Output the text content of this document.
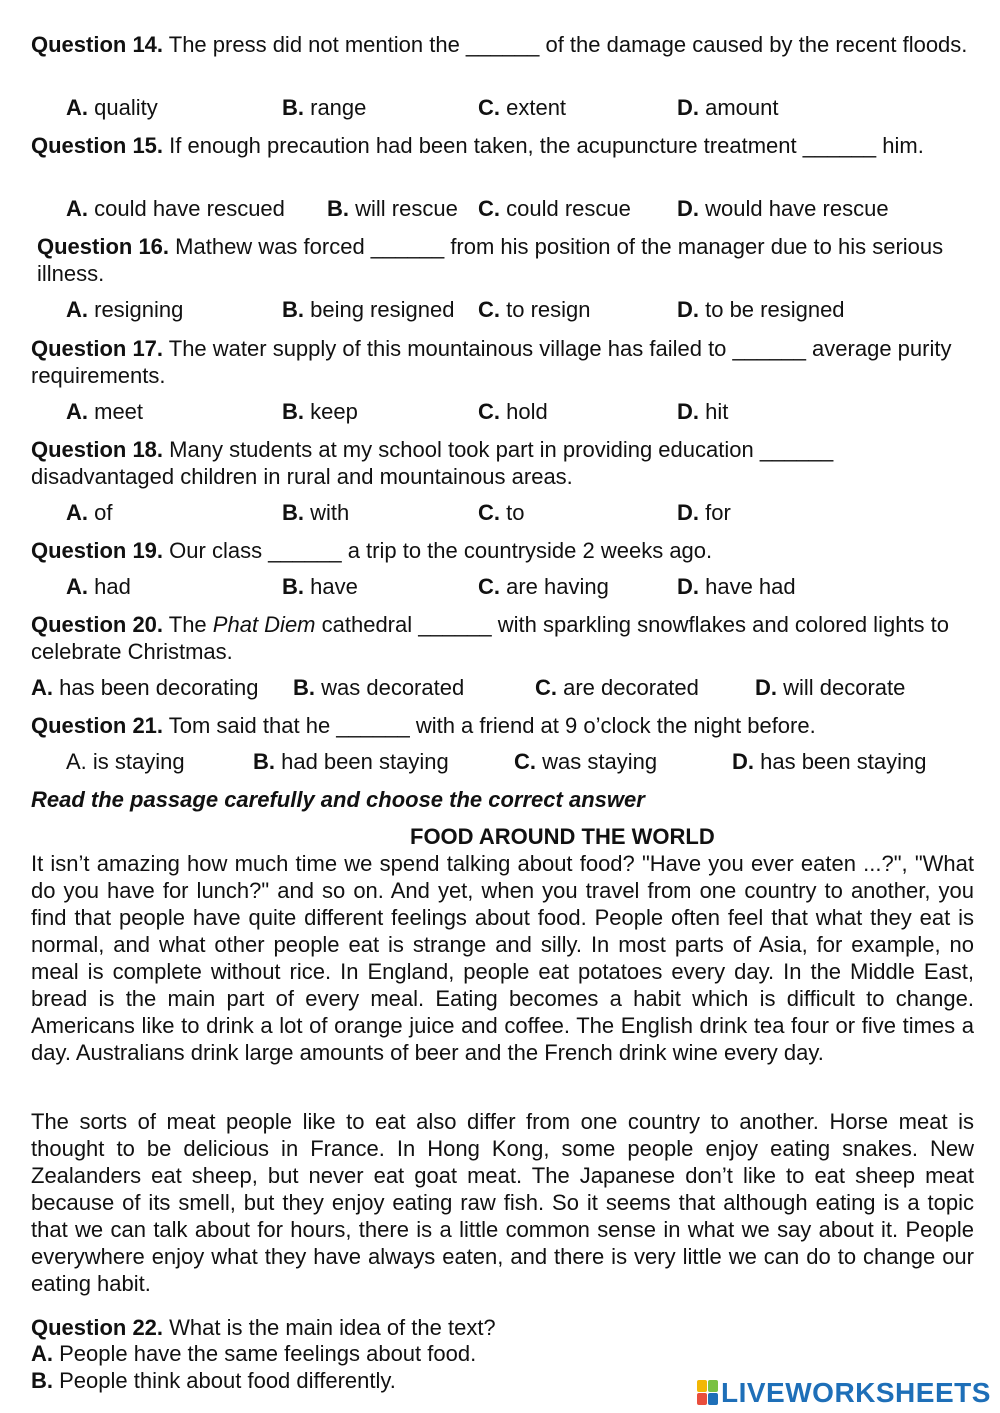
Question 14. The press did not mention the ______ of the damage caused by the recent floods.
A. quality	B. range	C. extent	D. amount
Question 15. If enough precaution had been taken, the acupuncture treatment ______ him.
A. could have rescued B. will rescue C. could rescue D. would have rescue
Question 16. Mathew was forced ______ from his position of the manager due to his serious illness.
A. resigning	B. being resigned C. to resign	D. to be resigned
Question 17. The water supply of this mountainous village has failed to ______ average purity requirements.
A. meet	B. keep	C. hold	D. hit
Question 18. Many students at my school took part in providing education ______ disadvantaged children in rural and mountainous areas.
A. of	B. with	C. to	D. for
Question 19. Our class ______ a trip to the countryside 2 weeks ago.
A. had	B. have	C. are having	D. have had
Question 20. The Phat Diem cathedral ______ with sparkling snowflakes and colored lights to celebrate Christmas.
A. has been decorating B. was decorated	C. are decorated	D. will decorate
Question 21. Tom said that he ______ with a friend at 9 o’clock the night before.
A. is staying	B. had been staying	C. was staying	D. has been staying
Read the passage carefully and choose the correct answer
FOOD AROUND THE WORLD
It isn’t amazing how much time we spend talking about food? "Have you ever eaten ...?", "What do you have for lunch?" and so on. And yet, when you travel from one country to another, you find that people have quite different feelings about food. People often feel that what they eat is normal, and what other people eat is strange and silly. In most parts of Asia, for example, no meal is complete without rice. In England, people eat potatoes every day. In the Middle East, bread is the main part of every meal. Eating becomes a habit which is difficult to change. Americans like to drink a lot of orange juice and coffee. The English drink tea four or five times a day. Australians drink large amounts of beer and the French drink wine every day.
The sorts of meat people like to eat also differ from one country to another. Horse meat is thought to be delicious in France. In Hong Kong, some people enjoy eating snakes. New Zealanders eat sheep, but never eat goat meat. The Japanese don’t like to eat sheep meat because of its smell, but they enjoy eating raw fish. So it seems that although eating is a topic that we can talk about for hours, there is a little common sense in what we say about it. People everywhere enjoy what they have always eaten, and there is very little we can do to change our eating habit.
Question 22. What is the main idea of the text?
A. People have the same feelings about food.
B. People think about food differently.	LIVEWORKSHEETS
